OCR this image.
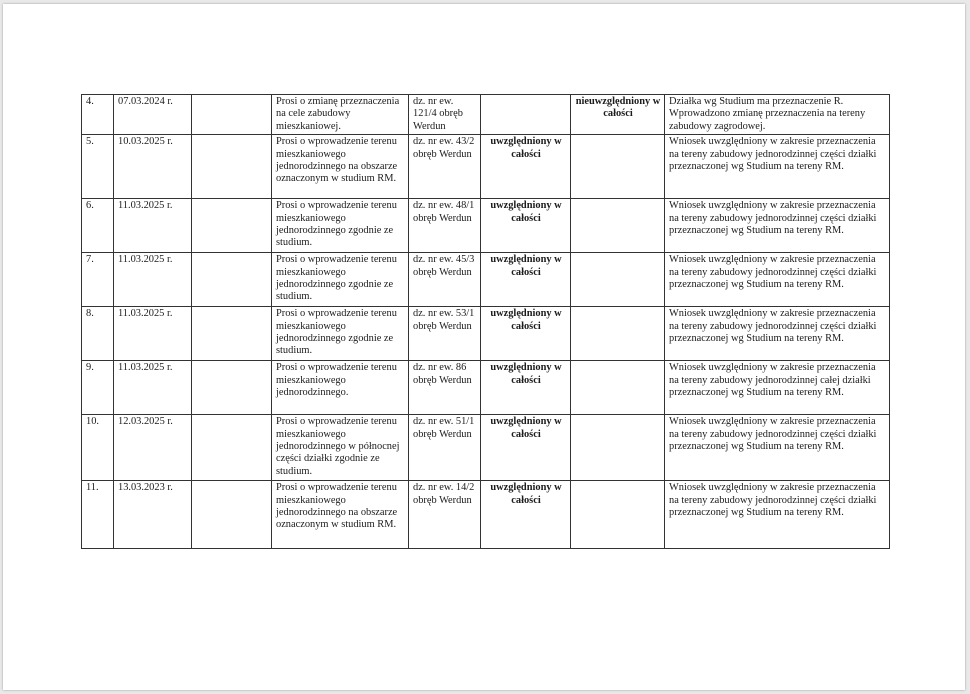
4.	07.03.2024 r.		Prosi o zmianę przeznaczenia na cele zabudowy mieszkaniowej.	dz. nr ew. 121/4 obręb Werdun		nieuwzględniony w całości	Działka wg Studium ma przeznaczenie R. Wprowadzono zmianę przeznaczenia na tereny zabudowy zagrodowej.
5.	10.03.2025 r.		Prosi o wprowadzenie terenu mieszkaniowego jednorodzinnego na obszarze oznaczonym w studium RM.	dz. nr ew. 43/2 obręb Werdun	uwzględniony w całości		Wniosek uwzględniony w zakresie przeznaczenia na tereny zabudowy jednorodzinnej części działki przeznaczonej wg Studium na tereny RM.
6.	11.03.2025 r.		Prosi o wprowadzenie terenu mieszkaniowego jednorodzinnego zgodnie ze studium.	dz. nr ew. 48/1 obręb Werdun	uwzględniony w całości		Wniosek uwzględniony w zakresie przeznaczenia na tereny zabudowy jednorodzinnej części działki przeznaczonej wg Studium na tereny RM.
7.	11.03.2025 r.		Prosi o wprowadzenie terenu mieszkaniowego jednorodzinnego zgodnie ze studium.	dz. nr ew. 45/3 obręb Werdun	uwzględniony w całości		Wniosek uwzględniony w zakresie przeznaczenia na tereny zabudowy jednorodzinnej części działki przeznaczonej wg Studium na tereny RM.
8.	11.03.2025 r.		Prosi o wprowadzenie terenu mieszkaniowego jednorodzinnego zgodnie ze studium.	dz. nr ew. 53/1 obręb Werdun	uwzględniony w całości		Wniosek uwzględniony w zakresie przeznaczenia na tereny zabudowy jednorodzinnej części działki przeznaczonej wg Studium na tereny RM.
9.	11.03.2025 r.		Prosi o wprowadzenie terenu mieszkaniowego jednorodzinnego.	dz. nr ew. 86 obręb Werdun	uwzględniony w całości		Wniosek uwzględniony w zakresie przeznaczenia na tereny zabudowy jednorodzinnej całej działki przeznaczonej wg Studium na tereny RM.
10.	12.03.2025 r.		Prosi o wprowadzenie terenu mieszkaniowego jednorodzinnego w północnej części działki zgodnie ze studium.	dz. nr ew. 51/1 obręb Werdun	uwzględniony w całości		Wniosek uwzględniony w zakresie przeznaczenia na tereny zabudowy jednorodzinnej części działki przeznaczonej wg Studium na tereny RM.
11.	13.03.2023 r.		Prosi o wprowadzenie terenu mieszkaniowego jednorodzinnego na obszarze oznaczonym w studium RM.	dz. nr ew. 14/2 obręb Werdun	uwzględniony w całości		Wniosek uwzględniony w zakresie przeznaczenia na tereny zabudowy jednorodzinnej części działki przeznaczonej wg Studium na tereny RM.
